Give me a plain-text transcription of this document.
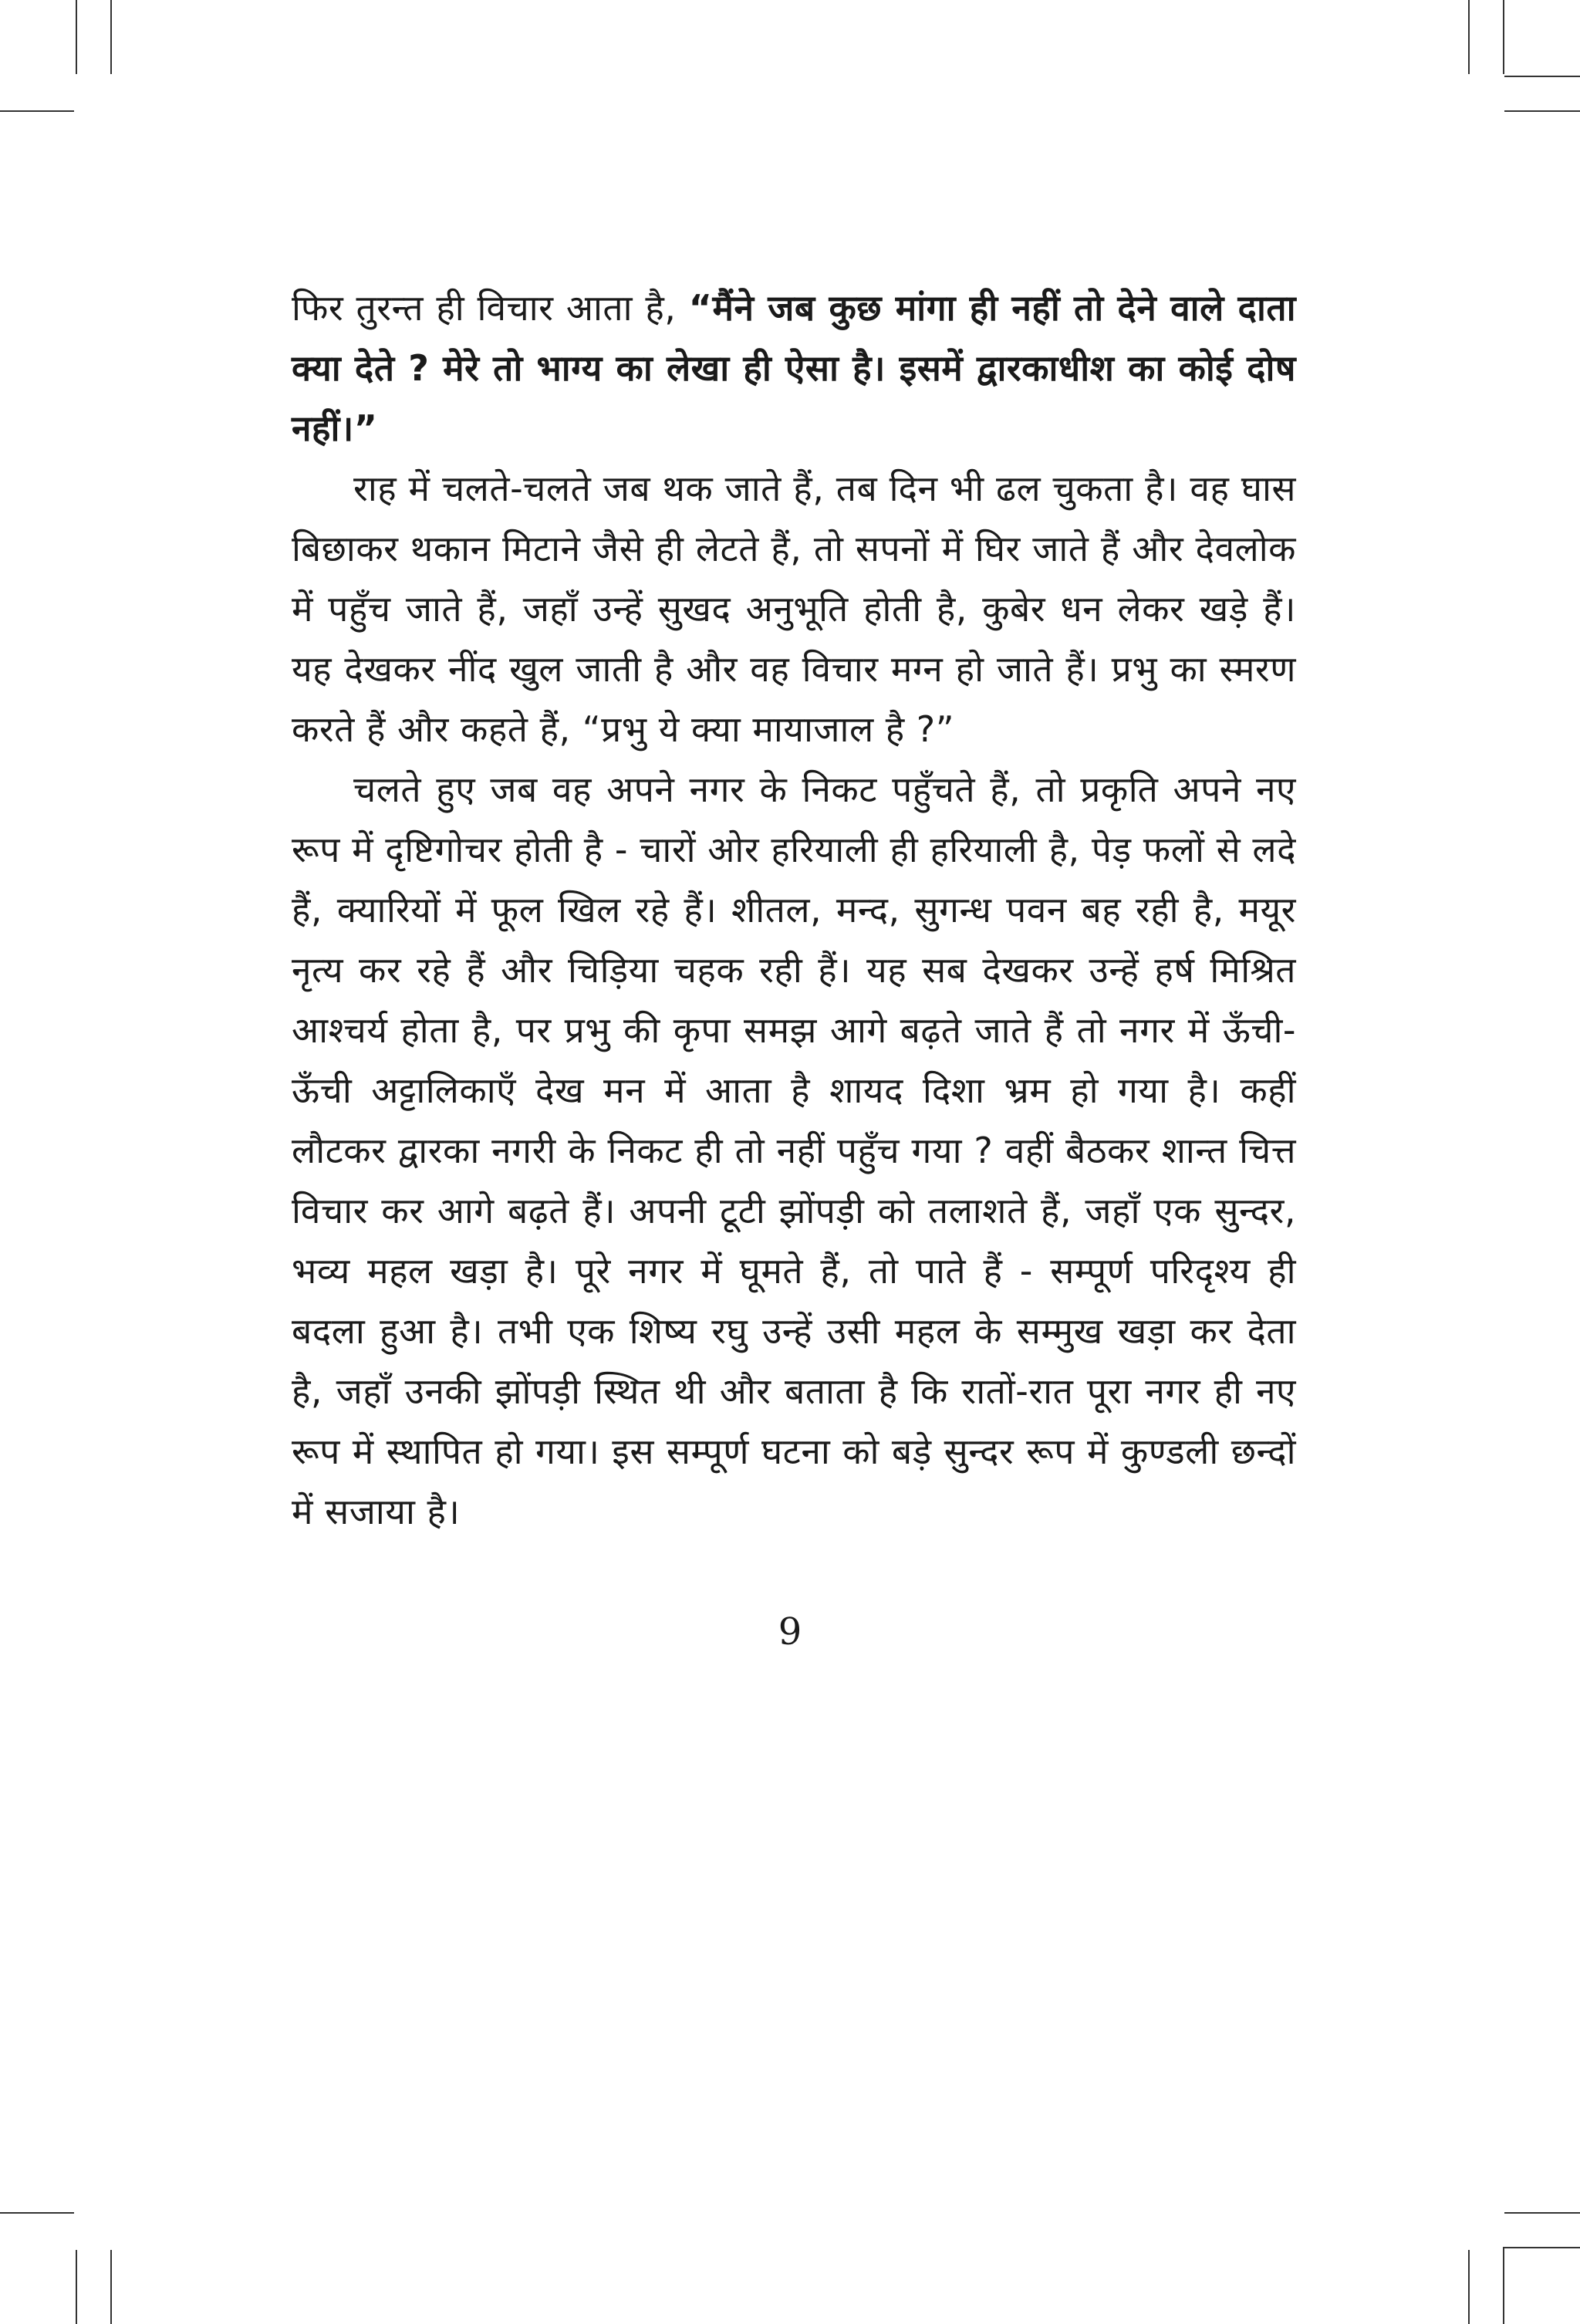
फिर तुरन्त ही विचार आता है, “मैंने जब कुछ मांगा ही नहीं तो देने वाले दाता क्या देते ? मेरे तो भाग्य का लेखा ही ऐसा है। इसमें द्वारकाधीश का कोई दोष नहीं।”

राह में चलते-चलते जब थक जाते हैं, तब दिन भी ढल चुकता है। वह घास बिछाकर थकान मिटाने जैसे ही लेटते हैं, तो सपनों में घिर जाते हैं और देवलोक में पहुँच जाते हैं, जहाँ उन्हें सुखद अनुभूति होती है, कुबेर धन लेकर खड़े हैं। यह देखकर नींद खुल जाती है और वह विचार मग्न हो जाते हैं। प्रभु का स्मरण करते हैं और कहते हैं, “प्रभु ये क्या मायाजाल है ?”

चलते हुए जब वह अपने नगर के निकट पहुँचते हैं, तो प्रकृति अपने नए रूप में दृष्टिगोचर होती है - चारों ओर हरियाली ही हरियाली है, पेड़ फलों से लदे हैं, क्यारियों में फूल खिल रहे हैं। शीतल, मन्द, सुगन्ध पवन बह रही है, मयूर नृत्य कर रहे हैं और चिड़िया चहक रही हैं। यह सब देखकर उन्हें हर्ष मिश्रित आश्चर्य होता है, पर प्रभु की कृपा समझ आगे बढ़ते जाते हैं तो नगर में ऊँची-ऊँची अट्टालिकाएँ देख मन में आता है शायद दिशा भ्रम हो गया है। कहीं लौटकर द्वारका नगरी के निकट ही तो नहीं पहुँच गया ? वहीं बैठकर शान्त चित्त विचार कर आगे बढ़ते हैं। अपनी टूटी झोंपड़ी को तलाशते हैं, जहाँ एक सुन्दर, भव्य महल खड़ा है। पूरे नगर में घूमते हैं, तो पाते हैं - सम्पूर्ण परिदृश्य ही बदला हुआ है। तभी एक शिष्य रघु उन्हें उसी महल के सम्मुख खड़ा कर देता है, जहाँ उनकी झोंपड़ी स्थित थी और बताता है कि रातों-रात पूरा नगर ही नए रूप में स्थापित हो गया। इस सम्पूर्ण घटना को बड़े सुन्दर रूप में कुण्डली छन्दों में सजाया है।

9
